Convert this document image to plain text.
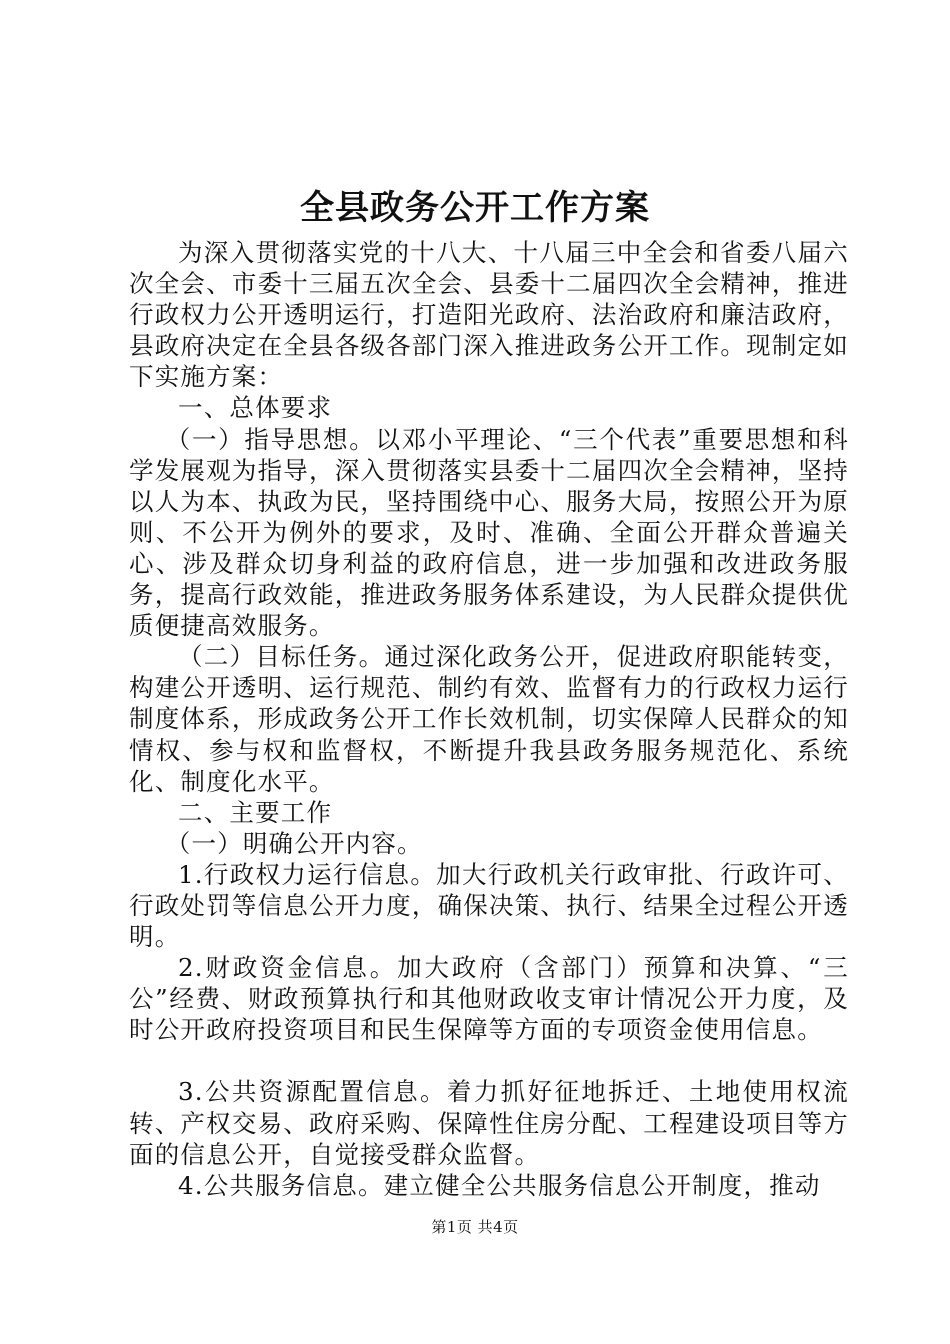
全县政务公开工作方案

为深入贯彻落实党的十八大、十八届三中全会和省委八届六次全会、市委十三届五次全会、县委十二届四次全会精神，推进行政权力公开透明运行，打造阳光政府、法治政府和廉洁政府，县政府决定在全县各级各部门深入推进政务公开工作。现制定如下实施方案：

一、总体要求

（一）指导思想。以邓小平理论、“三个代表”重要思想和科学发展观为指导，深入贯彻落实县委十二届四次全会精神，坚持以人为本、执政为民，坚持围绕中心、服务大局，按照公开为原则、不公开为例外的要求，及时、准确、全面公开群众普遍关心、涉及群众切身利益的政府信息，进一步加强和改进政务服务，提高行政效能，推进政务服务体系建设，为人民群众提供优质便捷高效服务。

（二）目标任务。通过深化政务公开，促进政府职能转变，构建公开透明、运行规范、制约有效、监督有力的行政权力运行制度体系，形成政务公开工作长效机制，切实保障人民群众的知情权、参与权和监督权，不断提升我县政务服务规范化、系统化、制度化水平。

二、主要工作

（一）明确公开内容。

1.行政权力运行信息。加大行政机关行政审批、行政许可、行政处罚等信息公开力度，确保决策、执行、结果全过程公开透明。

2.财政资金信息。加大政府（含部门）预算和决算、“三公”经费、财政预算执行和其他财政收支审计情况公开力度，及时公开政府投资项目和民生保障等方面的专项资金使用信息。

3.公共资源配置信息。着力抓好征地拆迁、土地使用权流转、产权交易、政府采购、保障性住房分配、工程建设项目等方面的信息公开，自觉接受群众监督。

4.公共服务信息。建立健全公共服务信息公开制度，推动

第1页 共4页
